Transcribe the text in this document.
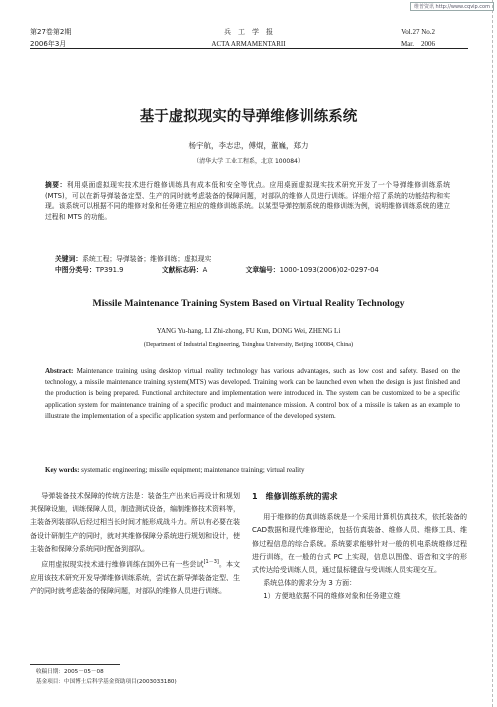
维普资讯 http://www.cqvip.com
第27卷第2期
2006年3月
兵　工　学　报
ACTA ARMAMENTARII
Vol.27 No.2
Mar.　2006
基于虚拟现实的导弹维修训练系统
杨宇航，李志忠，傅焜，董巍，郑力
（清华大学 工业工程系，北京 100084）
摘要：利用桌面虚拟现实技术进行维修训练具有成本低和安全等优点。应用桌面虚拟现实技术研究开发了一个导弹维修训练系统(MTS)，可以在新导弹装备定型、生产的同时就考虑装备的保障问题，对部队的维修人员进行训练。详细介绍了系统的功能结构和实现。该系统可以根据不同的维修对象和任务建立相应的维修训练系统。以某型导弹控制系统的维修训练为例，说明维修训练系统的建立过程和 MTS 的功能。
关键词：系统工程；导弹装备；维修训练；虚拟现实
中图分类号：TP391.9	文献标志码：A	文章编号：1000-1093(2006)02-0297-04
Missile Maintenance Training System Based on Virtual Reality Technology
YANG Yu-hang, LI Zhi-zhong, FU Kun, DONG Wei, ZHENG Li
(Department of Industrial Engineering, Tsinghua University, Beijing 100084, China)
Abstract: Maintenance training using desktop virtual reality technology has various advantages, such as low cost and safety. Based on the technology, a missile maintenance training system(MTS) was developed. Training work can be launched even when the design is just finished and the production is being prepared. Functional architecture and implementation were introduced in. The system can be customized to be a specific application system for maintenance training of a specific product and maintenance mission. A control box of a missile is taken as an example to illustrate the implementation of a specific application system and performance of the developed system.
Key words: systematic engineering; missile equipment; maintenance training; virtual reality

导弹装备技术保障的传统方法是：装备生产出来后再设计和规划其保障设施，训练保障人员，制造测试设备，编制维修技术资料等，主装备列装部队后经过相当长时间才能形成战斗力。所以有必要在装备设计研制生产的同时，就对其维修保障分系统进行规划和设计，使主装备和保障分系统同时配备到部队。

应用虚拟现实技术进行维修训练在国外已有一些尝试[1－3]。本文应用该技术研究开发导弹维修训练系统，尝试在新导弹装备定型、生产的同时就考虑装备的保障问题，对部队的维修人员进行训练。

1　维修训练系统的需求

用于维修的仿真训练系统是一个采用计算机仿真技术，依托装备的CAD数据和现代维修理论，包括仿真装备、维修人员、维修工具、维修过程信息的综合系统。系统要求能够针对一般的机电系统维修过程进行训练，在一般的台式 PC 上实现，信息以图像、语音和文字的形式传达给受训练人员，通过鼠标键盘与受训练人员实现交互。

系统总体的需求分为 3 方面：

1）方便地依据不同的维修对象和任务建立维

收稿日期：2005－05－08
基金项目：中国博士后科学基金资助项目(2003033180)
